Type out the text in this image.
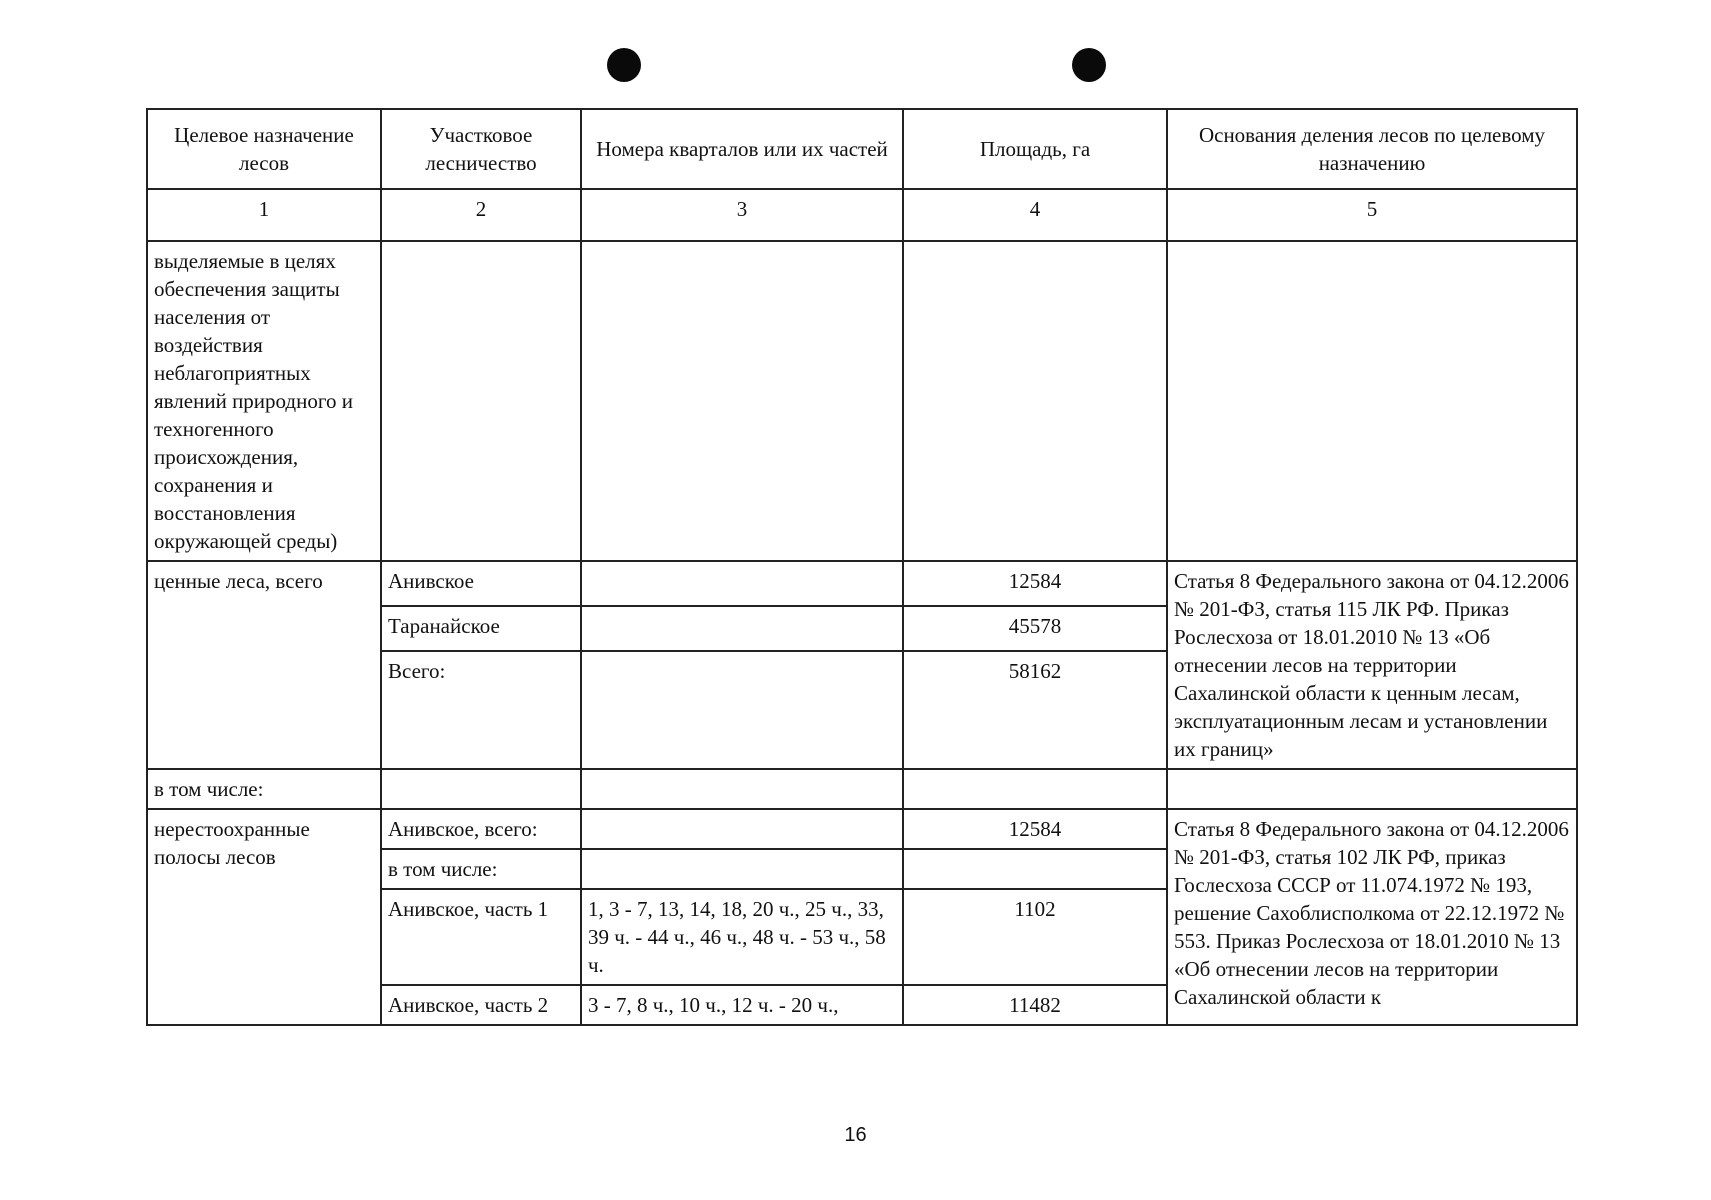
Целевое назначение лесов	Участковое лесничество	Номера кварталов или их частей	Площадь, га	Основания деления лесов по целевому назначению
1	2	3	4	5
выделяемые в целях обеспечения защиты населения от воздействия неблагоприятных явлений природного и техногенного происхождения, сохранения и восстановления окружающей среды)				
ценные леса, всего	Анивское		12584	Статья 8 Федерального закона от 04.12.2006 № 201-ФЗ, статья 115 ЛК РФ. Приказ Рослесхоза от 18.01.2010 № 13 «Об отнесении лесов на территории Сахалинской области к ценным лесам, эксплуатационным лесам и установлении их границ»
	Таранайское		45578	
	Всего:		58162	
в том числе:				
нерестоохранные полосы лесов	Анивское, всего:		12584	Статья 8 Федерального закона от 04.12.2006 № 201-ФЗ, статья 102 ЛК РФ, приказ Гослесхоза СССР от 11.074.1972 № 193, решение Сахоблисполкома от 22.12.1972 № 553. Приказ Рослесхоза от 18.01.2010 № 13 «Об отнесении лесов на территории Сахалинской области к
	в том числе:			
	Анивское, часть 1	1, 3 - 7, 13, 14, 18, 20 ч., 25 ч., 33, 39 ч. - 44 ч., 46 ч., 48 ч. - 53 ч., 58 ч.	1102	
	Анивское, часть 2	3 - 7, 8 ч., 10 ч., 12 ч. - 20 ч.,	11482	
16
